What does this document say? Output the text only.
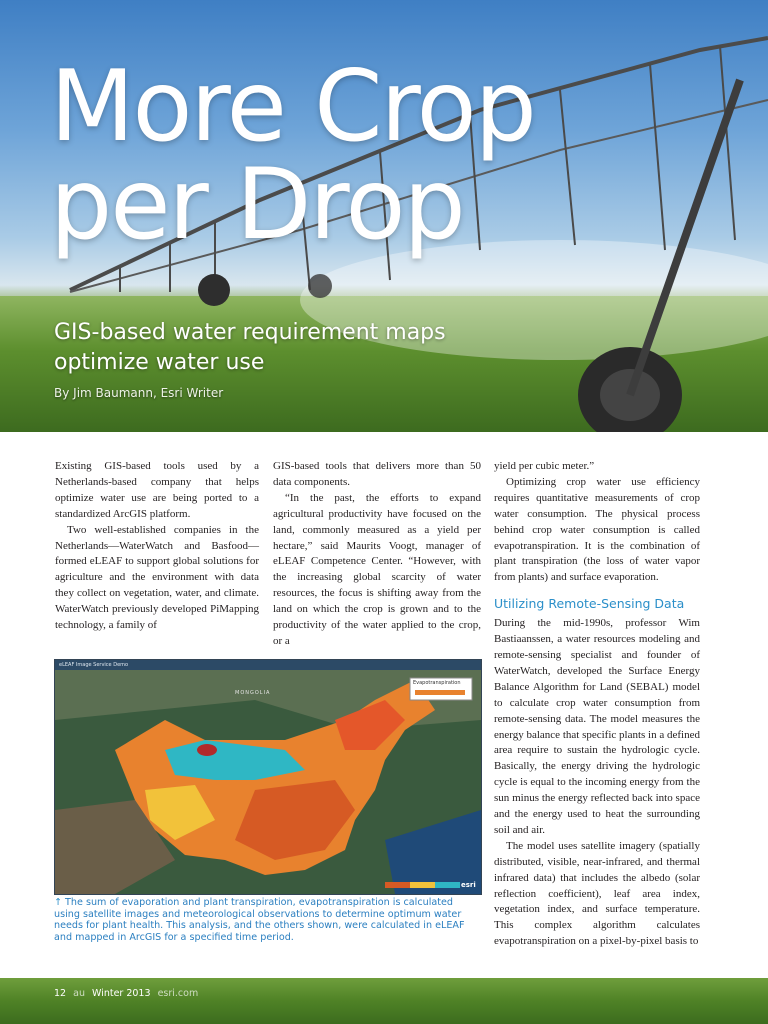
More Crop
per Drop

GIS-based water requirement maps optimize water use

By Jim Baumann, Esri Writer

Existing GIS-based tools used by a Netherlands-based company that helps optimize water use are being ported to a standardized ArcGIS platform.

Two well-established companies in the Netherlands—WaterWatch and Basfood—formed eLEAF to support global solutions for agriculture and the environment with data they collect on vegetation, water, and climate. WaterWatch previously developed PiMapping technology, a family of

GIS-based tools that delivers more than 50 data components.

“In the past, the efforts to expand agricultural productivity have focused on the land, commonly measured as a yield per hectare,” said Maurits Voogt, manager of eLEAF Competence Center. “However, with the increasing global scarcity of water resources, the focus is shifting away from the land on which the crop is grown and to the productivity of the water applied to the crop, or a

yield per cubic meter.”

Optimizing crop water use efficiency requires quantitative measurements of crop water consumption. The physical process behind crop water consumption is called evapotranspiration. It is the combination of plant transpiration (the loss of water vapor from plants) and surface evaporation.

Utilizing Remote-Sensing Data

During the mid-1990s, professor Wim Bastiaanssen, a water resources modeling and remote-sensing specialist and founder of WaterWatch, developed the Surface Energy Balance Algorithm for Land (SEBAL) model to calculate crop water consumption from remote-sensing data. The model measures the energy balance that specific plants in a defined area require to sustain the hydrologic cycle. Basically, the energy driving the hydrologic cycle is equal to the incoming energy from the sun minus the energy reflected back into space and the energy used to heat the surrounding soil and air.

The model uses satellite imagery (spatially distributed, visible, near-infrared, and thermal infrared data) that includes the albedo (solar reflection coefficient), leaf area index, vegetation index, and surface temperature. This complex algorithm calculates evapotranspiration on a pixel-by-pixel basis to

eLEAF Image Service Demo
Evapotranspiration
MONGOLIA
esri
↑ The sum of evaporation and plant transpiration, evapotranspiration is calculated using satellite images and meteorological observations to determine optimum water needs for plant health. This analysis, and the others shown, were calculated in eLEAF and mapped in ArcGIS for a specified time period.
12 au Winter 2013 esri.com
